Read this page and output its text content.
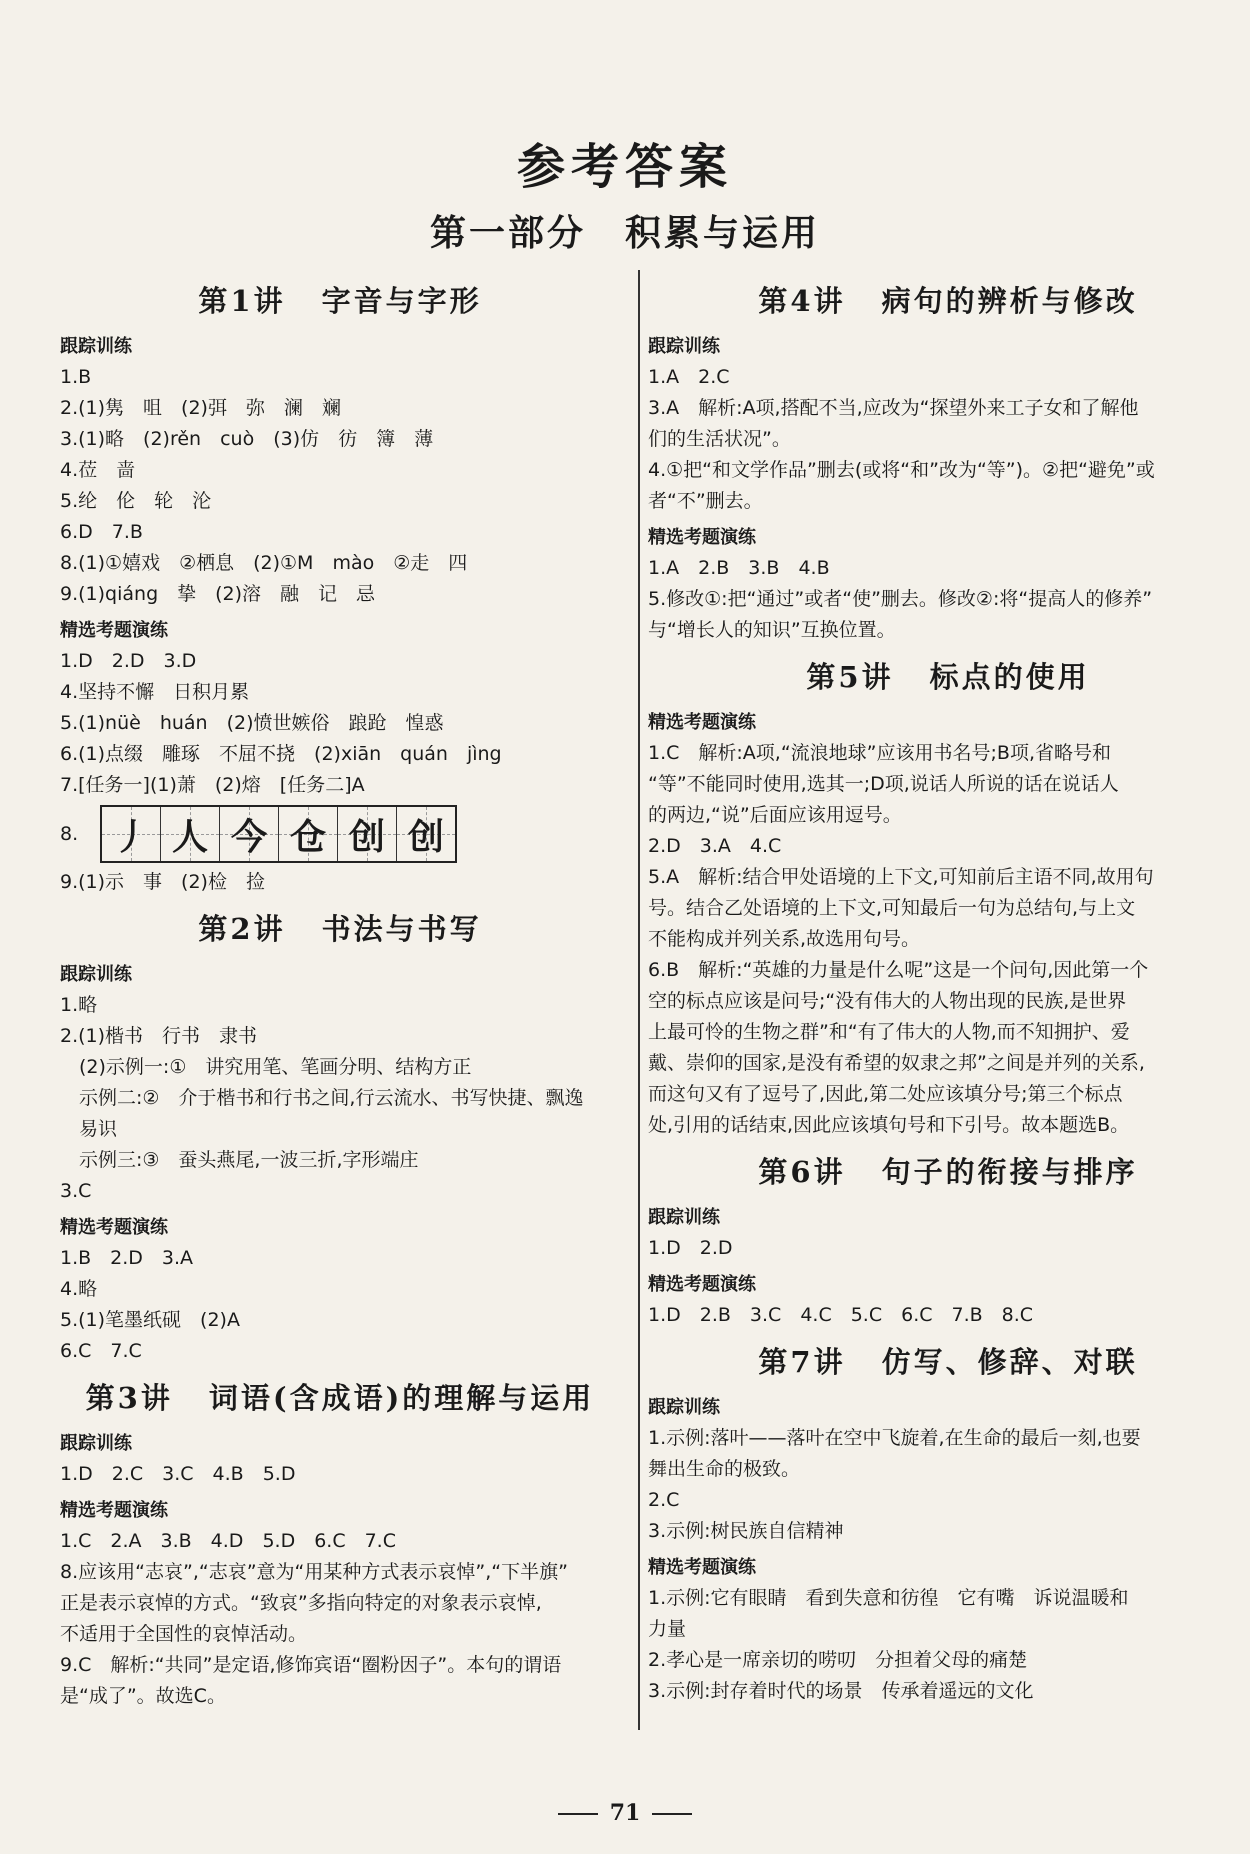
参考答案
第一部分　积累与运用
第1讲 字音与字形
跟踪训练

1.B

2.(1)隽　咀　(2)弭　弥　澜　斓

3.(1)略　(2)rěn　cuò　(3)仿　彷　簿　薄

4.莅　啬

5.纶　伦　轮　沦

6.D　7.B

8.(1)①嬉戏　②栖息　(2)①M　mào　②走　四

9.(1)qiáng　挚　(2)溶　融　记　忌

精选考题演练

1.D　2.D　3.D

4.坚持不懈　日积月累

5.(1)nüè　huán　(2)愤世嫉俗　踉跄　惶惑

6.(1)点缀　雕琢　不屈不挠　(2)xiān　quán　jìng

7.[任务一](1)萧　(2)熔　[任务二]A

8. 丿 人 今 仓 创 创

9.(1)示　事　(2)检　捡

第2讲 书法与书写
跟踪训练

1.略

2.(1)楷书　行书　隶书

　(2)示例一:①　讲究用笔、笔画分明、结构方正

　示例二:②　介于楷书和行书之间,行云流水、书写快捷、飘逸

　易识

　示例三:③　蚕头燕尾,一波三折,字形端庄

3.C

精选考题演练

1.B　2.D　3.A

4.略

5.(1)笔墨纸砚　(2)A

6.C　7.C

第3讲 词语(含成语)的理解与运用
跟踪训练

1.D　2.C　3.C　4.B　5.D

精选考题演练

1.C　2.A　3.B　4.D　5.D　6.C　7.C

8.应该用“志哀”,“志哀”意为“用某种方式表示哀悼”,“下半旗”

正是表示哀悼的方式。“致哀”多指向特定的对象表示哀悼,

不适用于全国性的哀悼活动。

9.C　解析:“共同”是定语,修饰宾语“圈粉因子”。本句的谓语

是“成了”。故选C。

第4讲 病句的辨析与修改
跟踪训练

1.A　2.C

3.A　解析:A项,搭配不当,应改为“探望外来工子女和了解他

们的生活状况”。

4.①把“和文学作品”删去(或将“和”改为“等”)。②把“避免”或

者“不”删去。

精选考题演练

1.A　2.B　3.B　4.B

5.修改①:把“通过”或者“使”删去。修改②:将“提高人的修养”

与“增长人的知识”互换位置。

第5讲 标点的使用
精选考题演练

1.C　解析:A项,“流浪地球”应该用书名号;B项,省略号和

“等”不能同时使用,选其一;D项,说话人所说的话在说话人

的两边,“说”后面应该用逗号。

2.D　3.A　4.C

5.A　解析:结合甲处语境的上下文,可知前后主语不同,故用句

号。结合乙处语境的上下文,可知最后一句为总结句,与上文

不能构成并列关系,故选用句号。

6.B　解析:“英雄的力量是什么呢”这是一个问句,因此第一个

空的标点应该是问号;“没有伟大的人物出现的民族,是世界

上最可怜的生物之群”和“有了伟大的人物,而不知拥护、爱

戴、崇仰的国家,是没有希望的奴隶之邦”之间是并列的关系,

而这句又有了逗号了,因此,第二处应该填分号;第三个标点

处,引用的话结束,因此应该填句号和下引号。故本题选B。

第6讲 句子的衔接与排序
跟踪训练

1.D　2.D

精选考题演练

1.D　2.B　3.C　4.C　5.C　6.C　7.B　8.C

第7讲 仿写、修辞、对联
跟踪训练

1.示例:落叶——落叶在空中飞旋着,在生命的最后一刻,也要

舞出生命的极致。

2.C

3.示例:树民族自信精神

精选考题演练

1.示例:它有眼睛　看到失意和彷徨　它有嘴　诉说温暖和

力量

2.孝心是一席亲切的唠叨　分担着父母的痛楚

3.示例:封存着时代的场景　传承着遥远的文化

71
